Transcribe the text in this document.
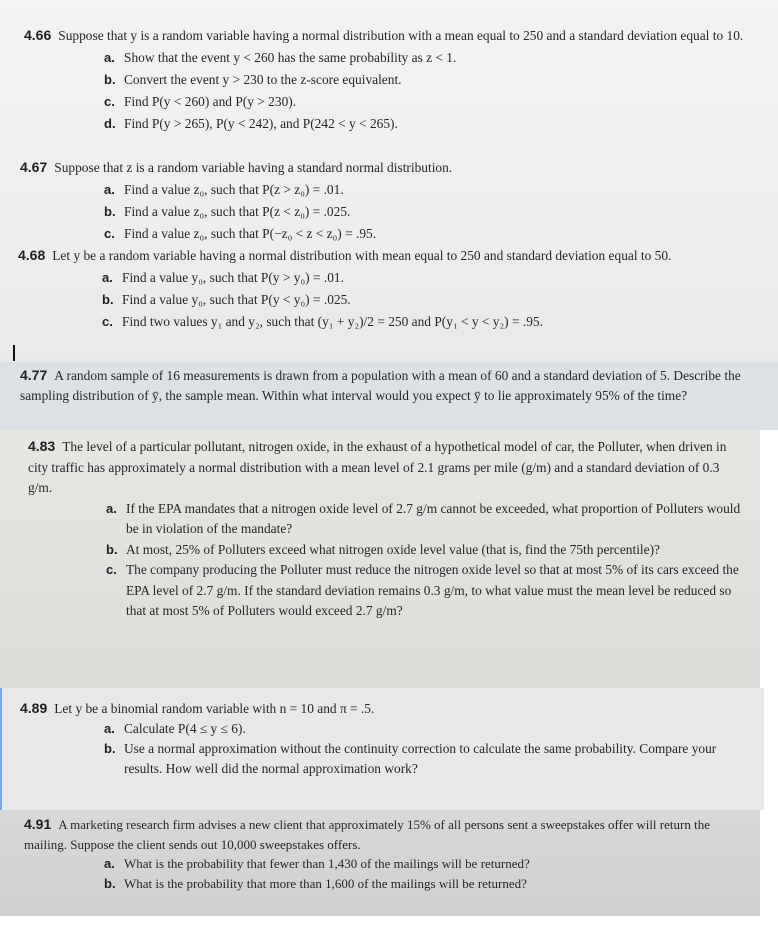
4.66 Suppose that y is a random variable having a normal distribution with a mean equal to 250 and a standard deviation equal to 10.
a. Show that the event y < 260 has the same probability as z < 1.
b. Convert the event y > 230 to the z-score equivalent.
c. Find P(y < 260) and P(y > 230).
d. Find P(y > 265), P(y < 242), and P(242 < y < 265).
4.67 Suppose that z is a random variable having a standard normal distribution.
a. Find a value z₀, such that P(z > z₀) = .01.
b. Find a value z₀, such that P(z < z₀) = .025.
c. Find a value z₀, such that P(−z₀ < z < z₀) = .95.
4.68 Let y be a random variable having a normal distribution with mean equal to 250 and standard deviation equal to 50.
a. Find a value y₀, such that P(y > y₀) = .01.
b. Find a value y₀, such that P(y < y₀) = .025.
c. Find two values y₁ and y₂, such that (y₁ + y₂)/2 = 250 and P(y₁ < y < y₂) = .95.
4.77 A random sample of 16 measurements is drawn from a population with a mean of 60 and a standard deviation of 5. Describe the sampling distribution of ȳ, the sample mean. Within what interval would you expect ȳ to lie approximately 95% of the time?
4.83 The level of a particular pollutant, nitrogen oxide, in the exhaust of a hypothetical model of car, the Polluter, when driven in city traffic has approximately a normal distribution with a mean level of 2.1 grams per mile (g/m) and a standard deviation of 0.3 g/m.
a. If the EPA mandates that a nitrogen oxide level of 2.7 g/m cannot be exceeded, what proportion of Polluters would be in violation of the mandate?
b. At most, 25% of Polluters exceed what nitrogen oxide level value (that is, find the 75th percentile)?
c. The company producing the Polluter must reduce the nitrogen oxide level so that at most 5% of its cars exceed the EPA level of 2.7 g/m. If the standard deviation remains 0.3 g/m, to what value must the mean level be reduced so that at most 5% of Polluters would exceed 2.7 g/m?
4.89 Let y be a binomial random variable with n = 10 and π = .5.
a. Calculate P(4 ≤ y ≤ 6).
b. Use a normal approximation without the continuity correction to calculate the same probability. Compare your results. How well did the normal approximation work?
4.91 A marketing research firm advises a new client that approximately 15% of all persons sent a sweepstakes offer will return the mailing. Suppose the client sends out 10,000 sweepstakes offers.
a. What is the probability that fewer than 1,430 of the mailings will be returned?
b. What is the probability that more than 1,600 of the mailings will be returned?
